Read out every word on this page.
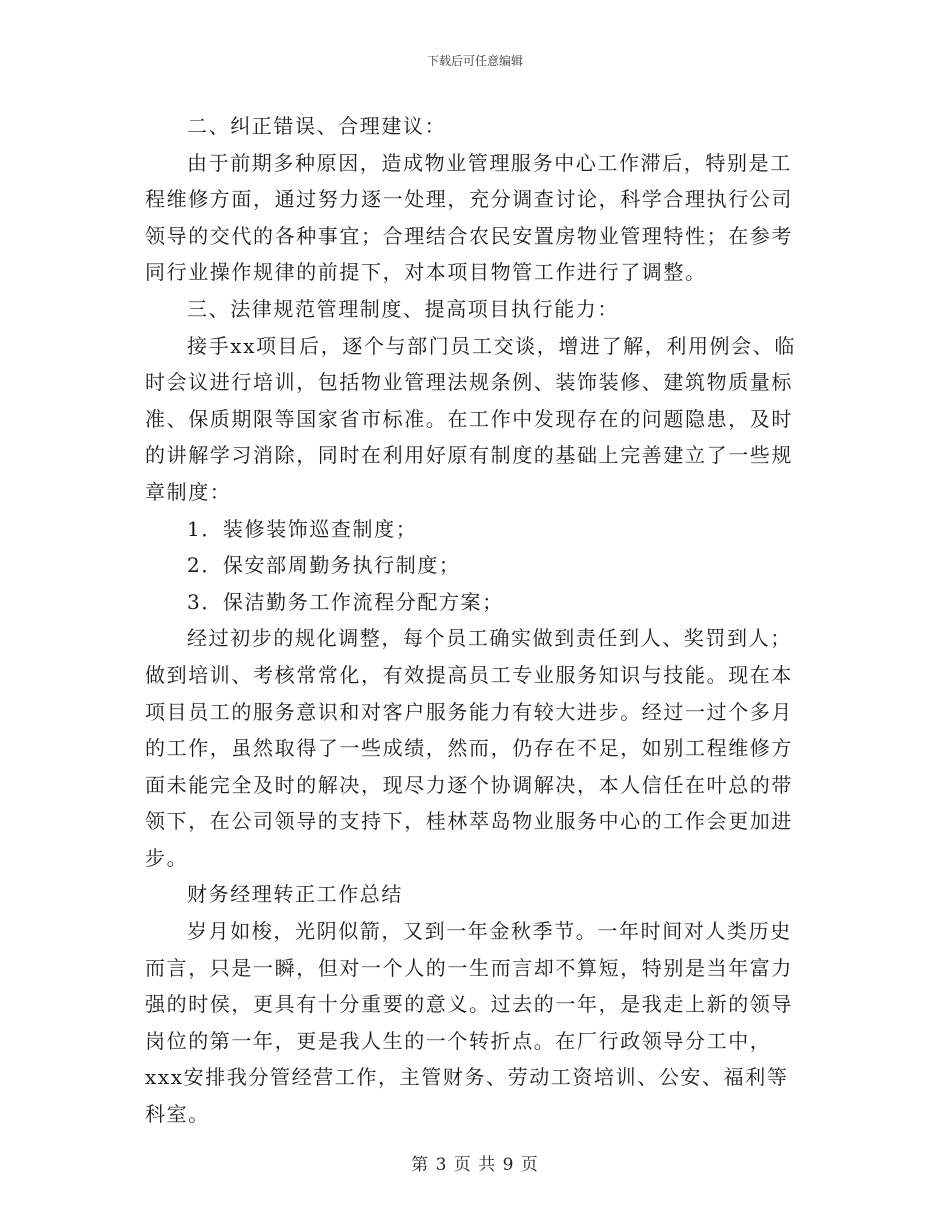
下载后可任意编辑

二、纠正错误、合理建议：

由于前期多种原因，造成物业管理服务中心工作滞后，特别是工程维修方面，通过努力逐一处理，充分调查讨论，科学合理执行公司领导的交代的各种事宜；合理结合农民安置房物业管理特性；在参考同行业操作规律的前提下，对本项目物管工作进行了调整。

三、法律规范管理制度、提高项目执行能力：

接手xx项目后，逐个与部门员工交谈，增进了解，利用例会、临时会议进行培训，包括物业管理法规条例、装饰装修、建筑物质量标准、保质期限等国家省市标准。在工作中发现存在的问题隐患，及时的讲解学习消除，同时在利用好原有制度的基础上完善建立了一些规章制度：

1．装修装饰巡查制度；

2．保安部周勤务执行制度；

3．保洁勤务工作流程分配方案；

经过初步的规化调整，每个员工确实做到责任到人、奖罚到人；做到培训、考核常常化，有效提高员工专业服务知识与技能。现在本项目员工的服务意识和对客户服务能力有较大进步。经过一过个多月的工作，虽然取得了一些成绩，然而，仍存在不足，如别工程维修方面未能完全及时的解决，现尽力逐个协调解决，本人信任在叶总的带领下，在公司领导的支持下，桂林萃岛物业服务中心的工作会更加进步。

财务经理转正工作总结

岁月如梭，光阴似箭，又到一年金秋季节。一年时间对人类历史而言，只是一瞬，但对一个人的一生而言却不算短，特别是当年富力强的时侯，更具有十分重要的意义。过去的一年，是我走上新的领导岗位的第一年，更是我人生的一个转折点。在厂行政领导分工中，xxx安排我分管经营工作，主管财务、劳动工资培训、公安、福利等科室。

第 3 页 共 9 页
